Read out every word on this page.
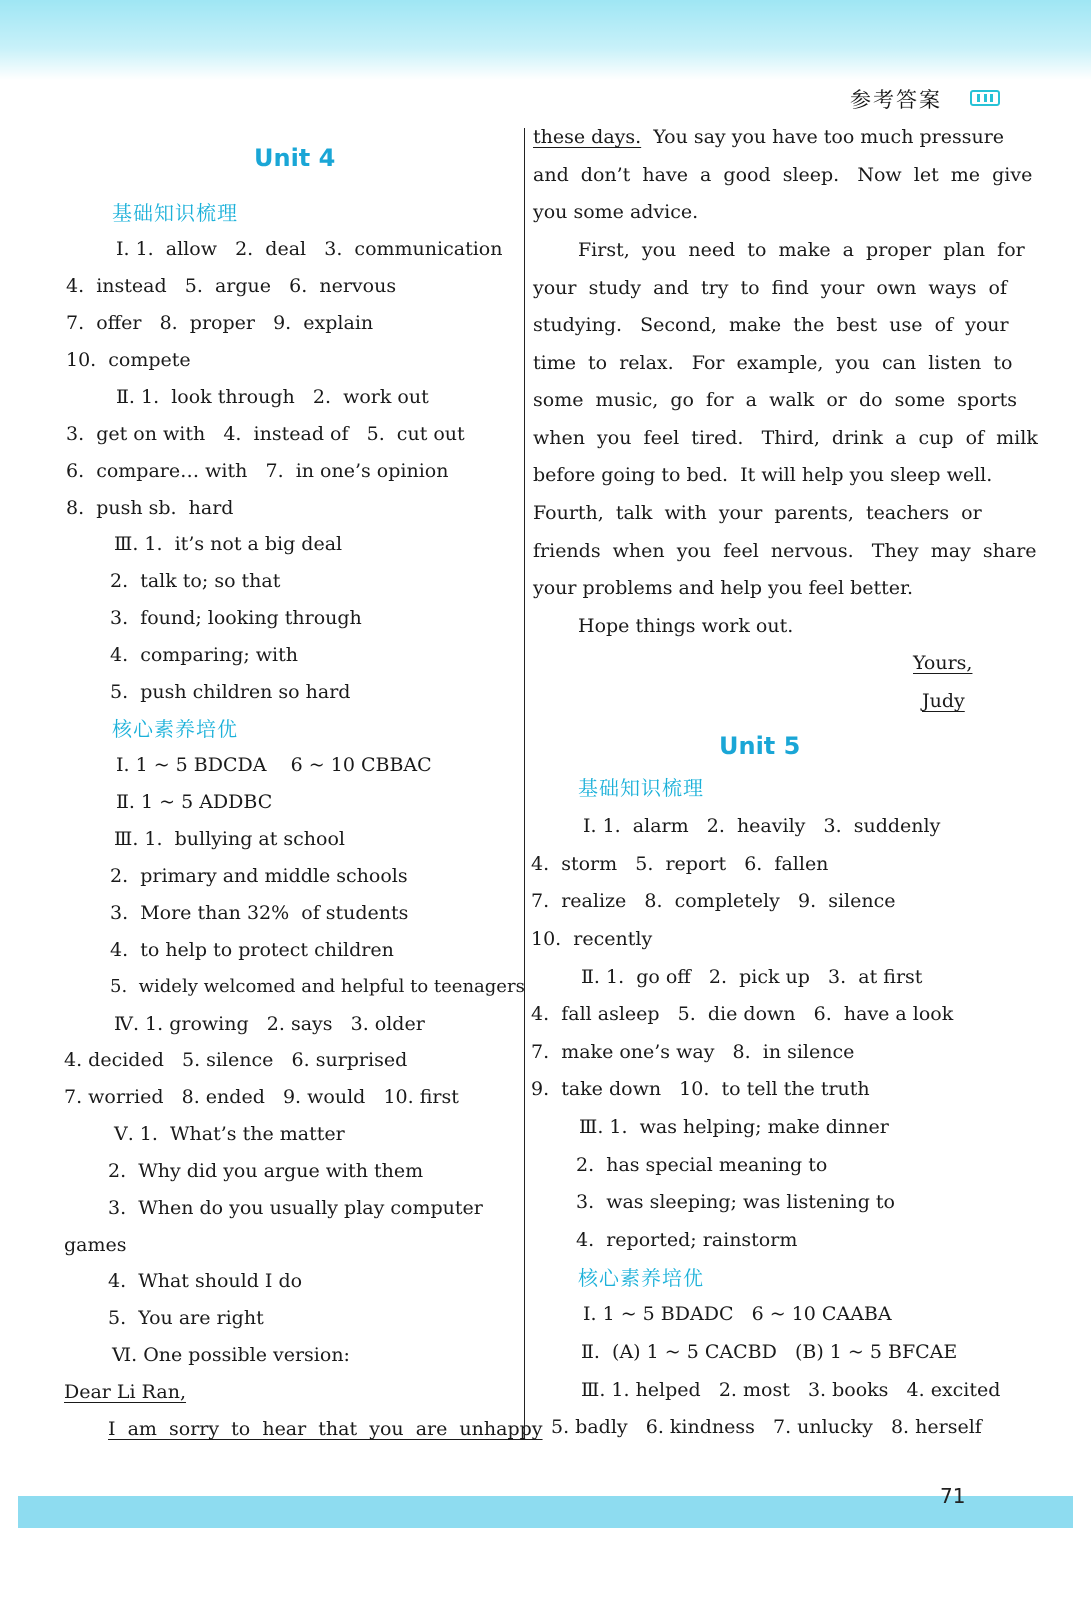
参考答案
Unit 4
基础知识梳理
Ⅰ. 1.  allow   2.  deal   3.  communication
4.  instead   5.  argue   6.  nervous
7.  offer   8.  proper   9.  explain
10.  compete
Ⅱ. 1.  look through   2.  work out
3.  get on with   4.  instead of   5.  cut out
6.  compare… with   7.  in one’s opinion
8.  push sb.  hard
Ⅲ. 1.  it’s not a big deal
2.  talk to; so that
3.  found; looking through
4.  comparing; with
5.  push children so hard
核心素养培优
Ⅰ. 1 ~ 5 BDCDA    6 ~ 10 CBBAC
Ⅱ. 1 ~ 5 ADDBC
Ⅲ. 1.  bullying at school
2.  primary and middle schools
3.  More than 32%  of students
4.  to help to protect children
5.  widely welcomed and helpful to teenagers
Ⅳ. 1. growing   2. says   3. older
4. decided   5. silence   6. surprised
7. worried   8. ended   9. would   10. first
Ⅴ. 1.  What’s the matter
2.  Why did you argue with them
3.  When do you usually play computer
games
4.  What should I do
5.  You are right
Ⅵ. One possible version:
Dear Li Ran,
I  am  sorry  to  hear  that  you  are  unhappy
these days.  You say you have too much pressure
and  don’t  have  a  good  sleep.   Now  let  me  give
you some advice.
First,  you  need  to  make  a  proper  plan  for
your  study  and  try  to  find  your  own  ways  of
studying.   Second,  make  the  best  use  of  your
time  to  relax.   For  example,  you  can  listen  to
some  music,  go  for  a  walk  or  do  some  sports
when  you  feel  tired.   Third,  drink  a  cup  of  milk
before going to bed.  It will help you sleep well.
Fourth,  talk  with  your  parents,  teachers  or
friends  when  you  feel  nervous.   They  may  share
your problems and help you feel better.
Hope things work out.
Yours,
Judy
Unit 5
基础知识梳理
Ⅰ. 1.  alarm   2.  heavily   3.  suddenly
4.  storm   5.  report   6.  fallen
7.  realize   8.  completely   9.  silence
10.  recently
Ⅱ. 1.  go off   2.  pick up   3.  at first
4.  fall asleep   5.  die down   6.  have a look
7.  make one’s way   8.  in silence
9.  take down   10.  to tell the truth
Ⅲ. 1.  was helping; make dinner
2.  has special meaning to
3.  was sleeping; was listening to
4.  reported; rainstorm
核心素养培优
Ⅰ. 1 ~ 5 BDADC   6 ~ 10 CAABA
Ⅱ.  (A) 1 ~ 5 CACBD   (B) 1 ~ 5 BFCAE
Ⅲ. 1. helped   2. most   3. books   4. excited
5. badly   6. kindness   7. unlucky   8. herself
71
